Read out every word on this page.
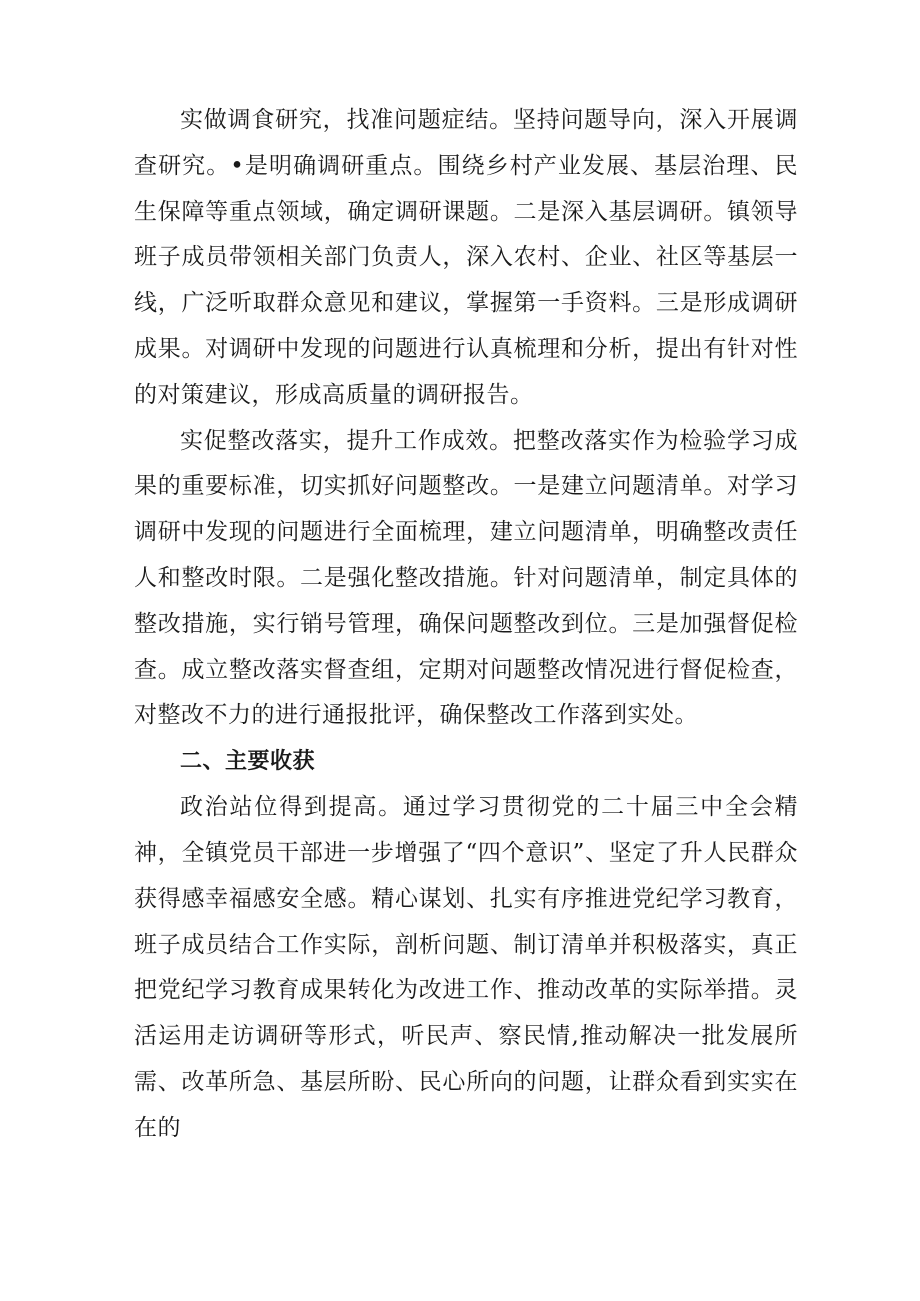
实做调食研究，找准问题症结。坚持问题导向，深入开展调查研究。•是明确调研重点。围绕乡村产业发展、基层治理、民生保障等重点领域，确定调研课题。二是深入基层调研。镇领导班子成员带领相关部门负责人，深入农村、企业、社区等基层一线，广泛听取群众意见和建议，掌握第一手资料。三是形成调研成果。对调研中发现的问题进行认真梳理和分析，提出有针对性的对策建议，形成高质量的调研报告。

实促整改落实，提升工作成效。把整改落实作为检验学习成果的重要标准，切实抓好问题整改。一是建立问题清单。对学习调研中发现的问题进行全面梳理，建立问题清单，明确整改责任人和整改时限。二是强化整改措施。针对问题清单，制定具体的整改措施，实行销号管理，确保问题整改到位。三是加强督促检查。成立整改落实督查组，定期对问题整改情况进行督促检查，对整改不力的进行通报批评，确保整改工作落到实处。

二、主要收获

政治站位得到提高。通过学习贯彻党的二十届三中全会精神，全镇党员干部进一步增强了“四个意识”、坚定了升人民群众获得感幸福感安全感。精心谋划、扎实有序推进党纪学习教育，班子成员结合工作实际，剖析问题、制订清单并积极落实，真正把党纪学习教育成果转化为改进工作、推动改革的实际举措。灵活运用走访调研等形式，听民声、察民情,推动解决一批发展所需、改革所急、基层所盼、民心所向的问题，让群众看到实实在在的
